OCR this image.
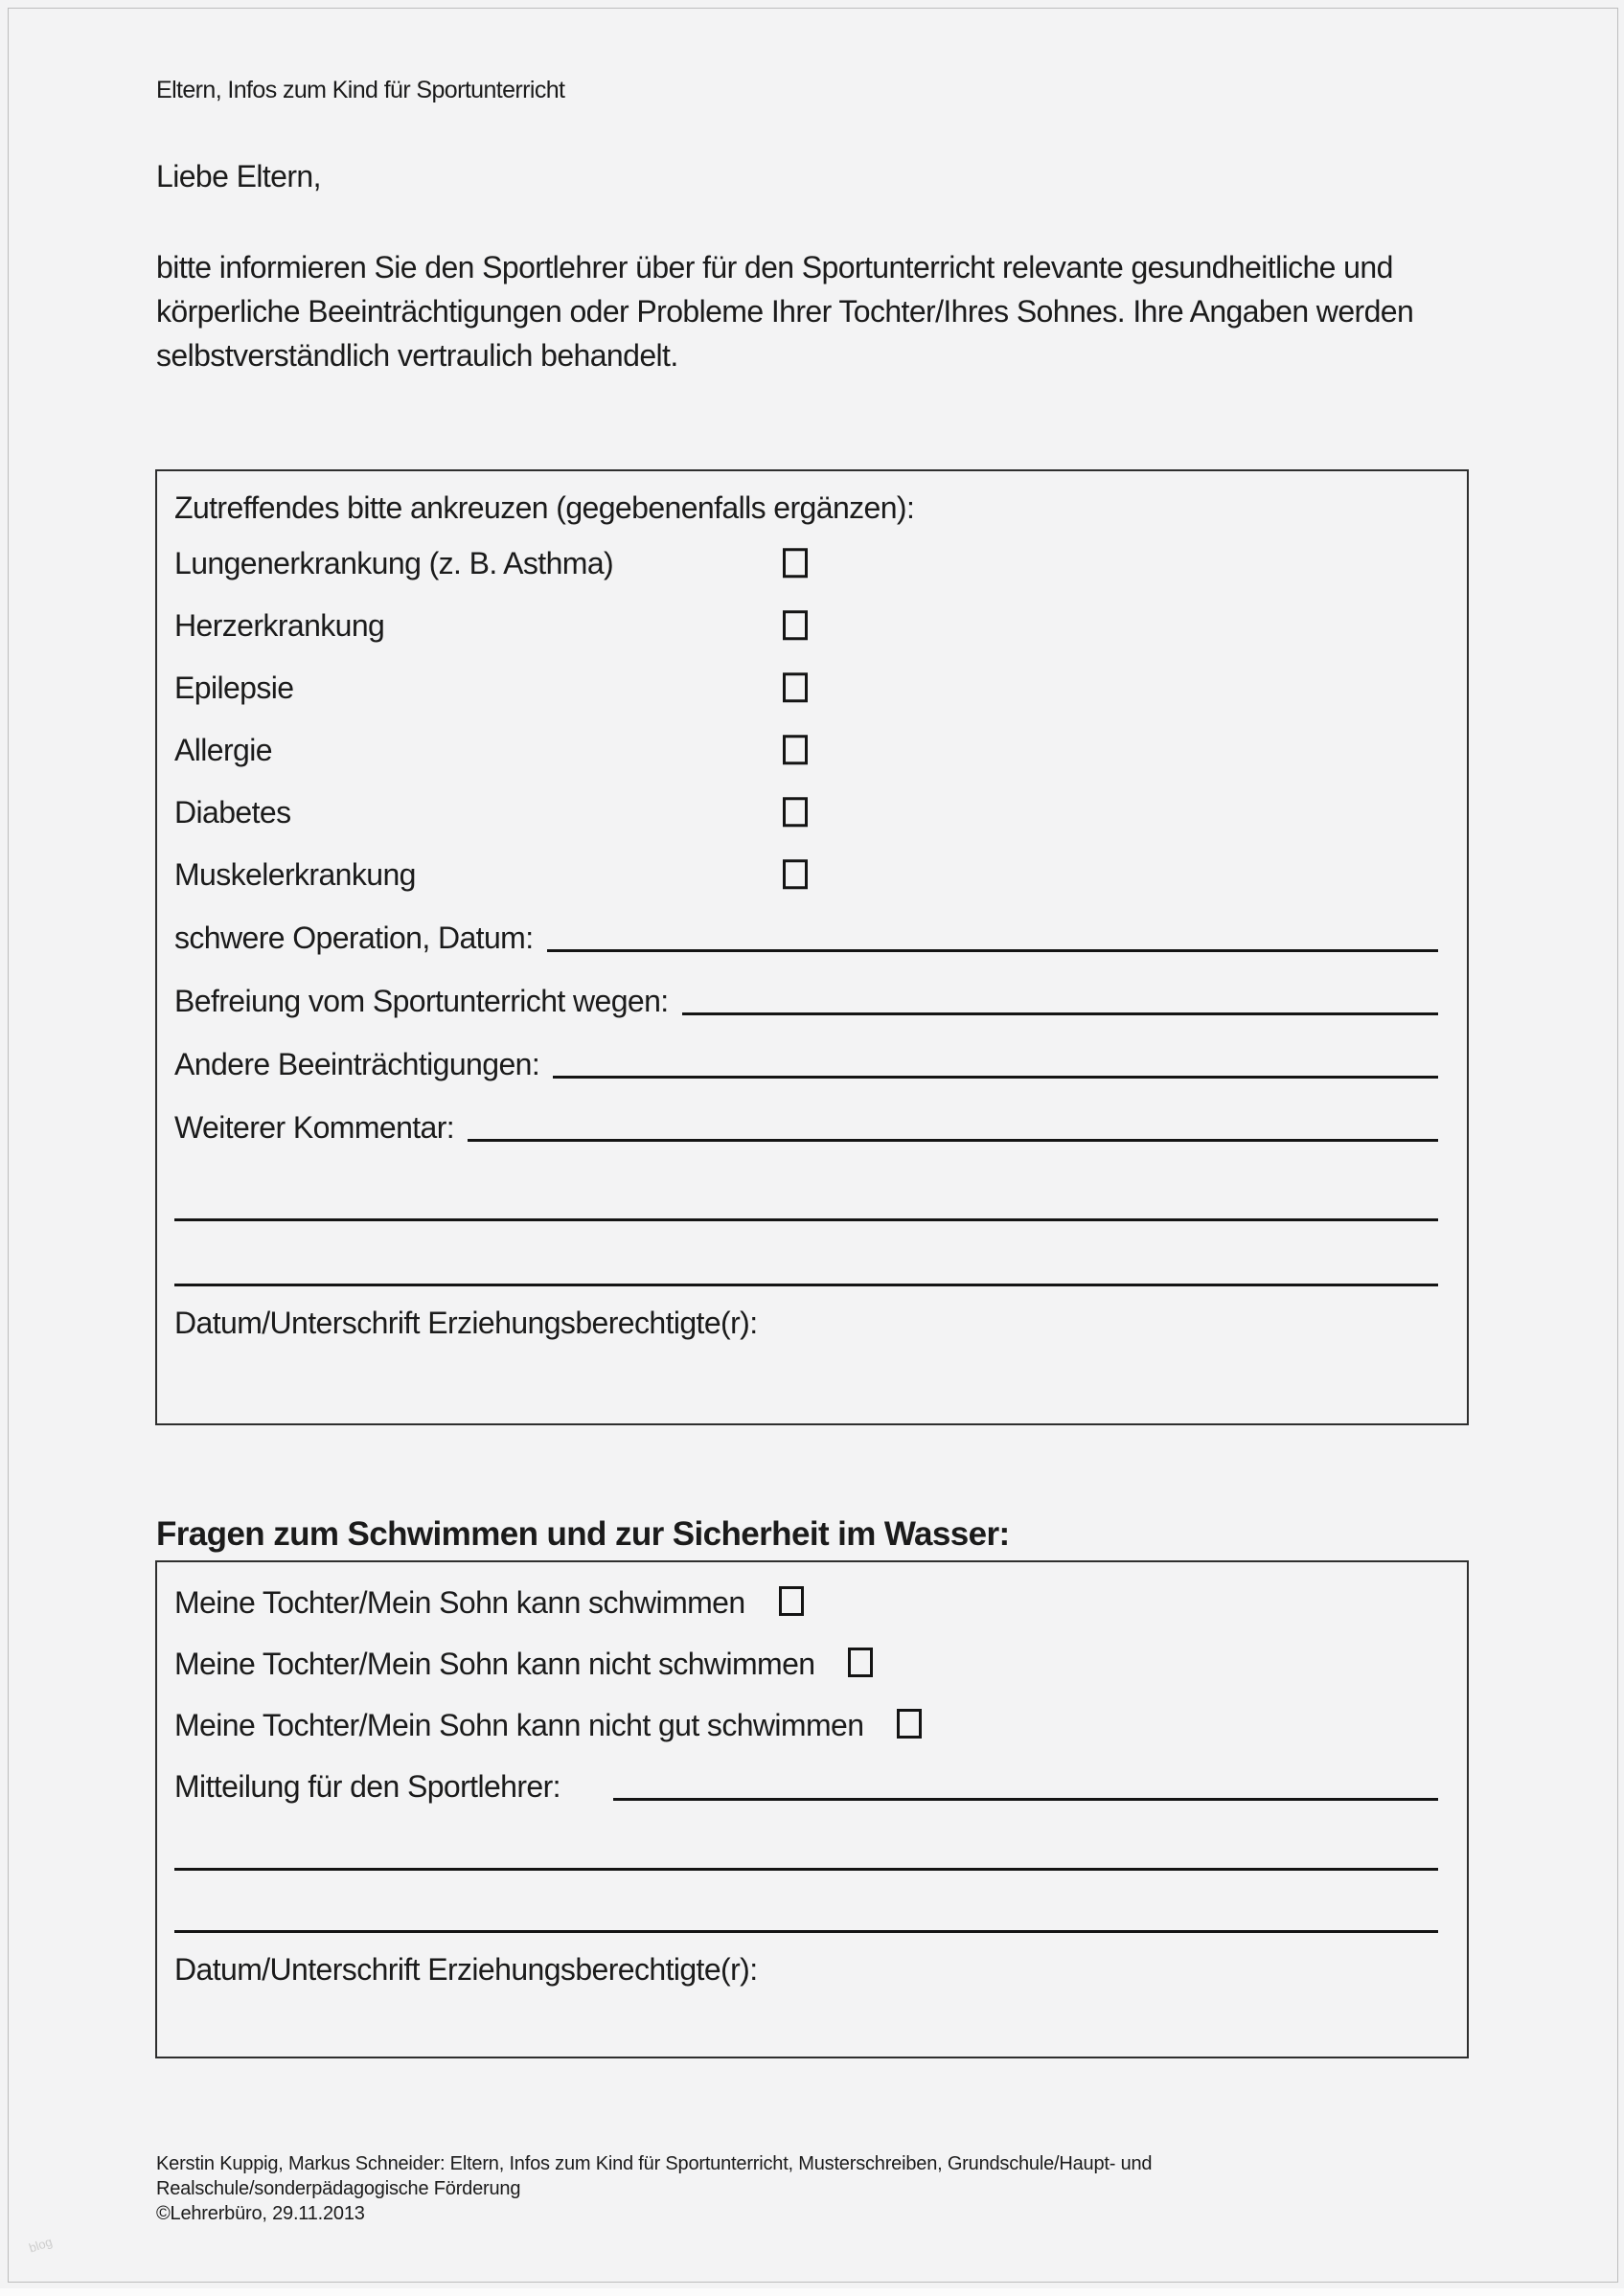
Eltern, Infos zum Kind für Sportunterricht
Liebe Eltern,
bitte informieren Sie den Sportlehrer über für den Sportunterricht relevante gesundheitliche und körperliche Beeinträchtigungen oder Probleme Ihrer Tochter/Ihres Sohnes. Ihre Angaben werden selbstverständlich vertraulich behandelt.
Zutreffendes bitte ankreuzen (gegebenenfalls ergänzen):
Lungenerkrankung (z. B. Asthma)
Herzerkrankung
Epilepsie
Allergie
Diabetes
Muskelerkrankung
schwere Operation, Datum:
Befreiung vom Sportunterricht wegen:
Andere Beeinträchtigungen:
Weiterer Kommentar:
Datum/Unterschrift Erziehungsberechtigte(r):
Fragen zum Schwimmen und zur Sicherheit im Wasser:
Meine Tochter/Mein Sohn kann schwimmen
Meine Tochter/Mein Sohn kann nicht schwimmen
Meine Tochter/Mein Sohn kann nicht gut schwimmen
Mitteilung für den Sportlehrer:
Datum/Unterschrift Erziehungsberechtigte(r):
Kerstin Kuppig, Markus Schneider: Eltern, Infos zum Kind für Sportunterricht, Musterschreiben, Grundschule/Haupt- und
Realschule/sonderpädagogische Förderung
©Lehrerbüro, 29.11.2013
blog
